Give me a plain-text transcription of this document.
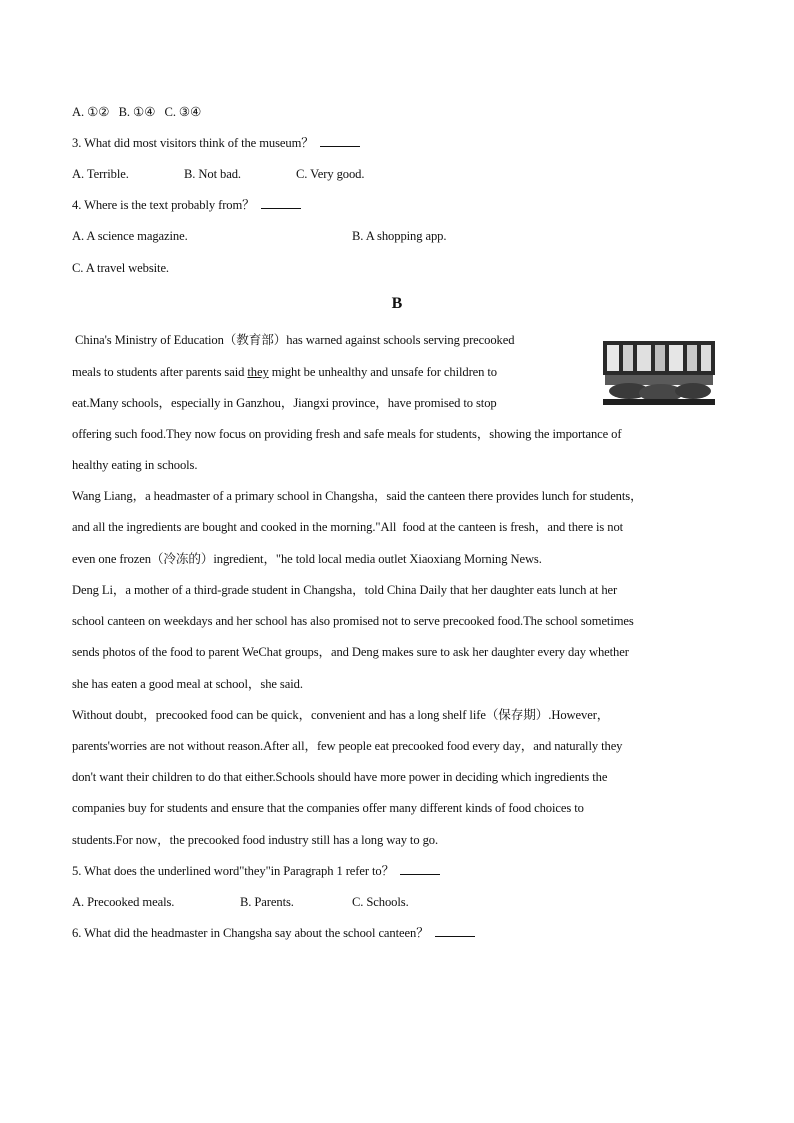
A. ①②   B. ①④   C. ③④
3. What did most visitors think of the museum？
A. Terrible.	B. Not bad.	C. Very good.
4. Where is the text probably from？
A. A science magazine.	B. A shopping app.
C. A travel website.
B
China's Ministry of Education（教育部）has warned against schools serving precooked
meals to students after parents said they might be unhealthy and unsafe for children to
eat.Many schools，especially in Ganzhou，Jiangxi province，have promised to stop
offering such food.They now focus on providing fresh and safe meals for students，showing the importance of
healthy eating in schools.
Wang Liang，a headmaster of a primary school in Changsha，said the canteen there provides lunch for students，
and all the ingredients are bought and cooked in the morning."All  food at the canteen is fresh，and there is not
even one frozen（冷冻的）ingredient，"he told local media outlet Xiaoxiang Morning News.
Deng Li，a mother of a third-grade student in Changsha，told China Daily that her daughter eats lunch at her
school canteen on weekdays and her school has also promised not to serve precooked food.The school sometimes
sends photos of the food to parent WeChat groups，and Deng makes sure to ask her daughter every day whether
she has eaten a good meal at school，she said.
Without doubt，precooked food can be quick，convenient and has a long shelf life（保存期）.However，
parents'worries are not without reason.After all，few people eat precooked food every day，and naturally they
don't want their children to do that either.Schools should have more power in deciding which ingredients the
companies buy for students and ensure that the companies offer many different kinds of food choices to
students.For now，the precooked food industry still has a long way to go.
5. What does the underlined word"they"in Paragraph 1 refer to？
A. Precooked meals.	B. Parents.	C. Schools.
6. What did the headmaster in Changsha say about the school canteen？
